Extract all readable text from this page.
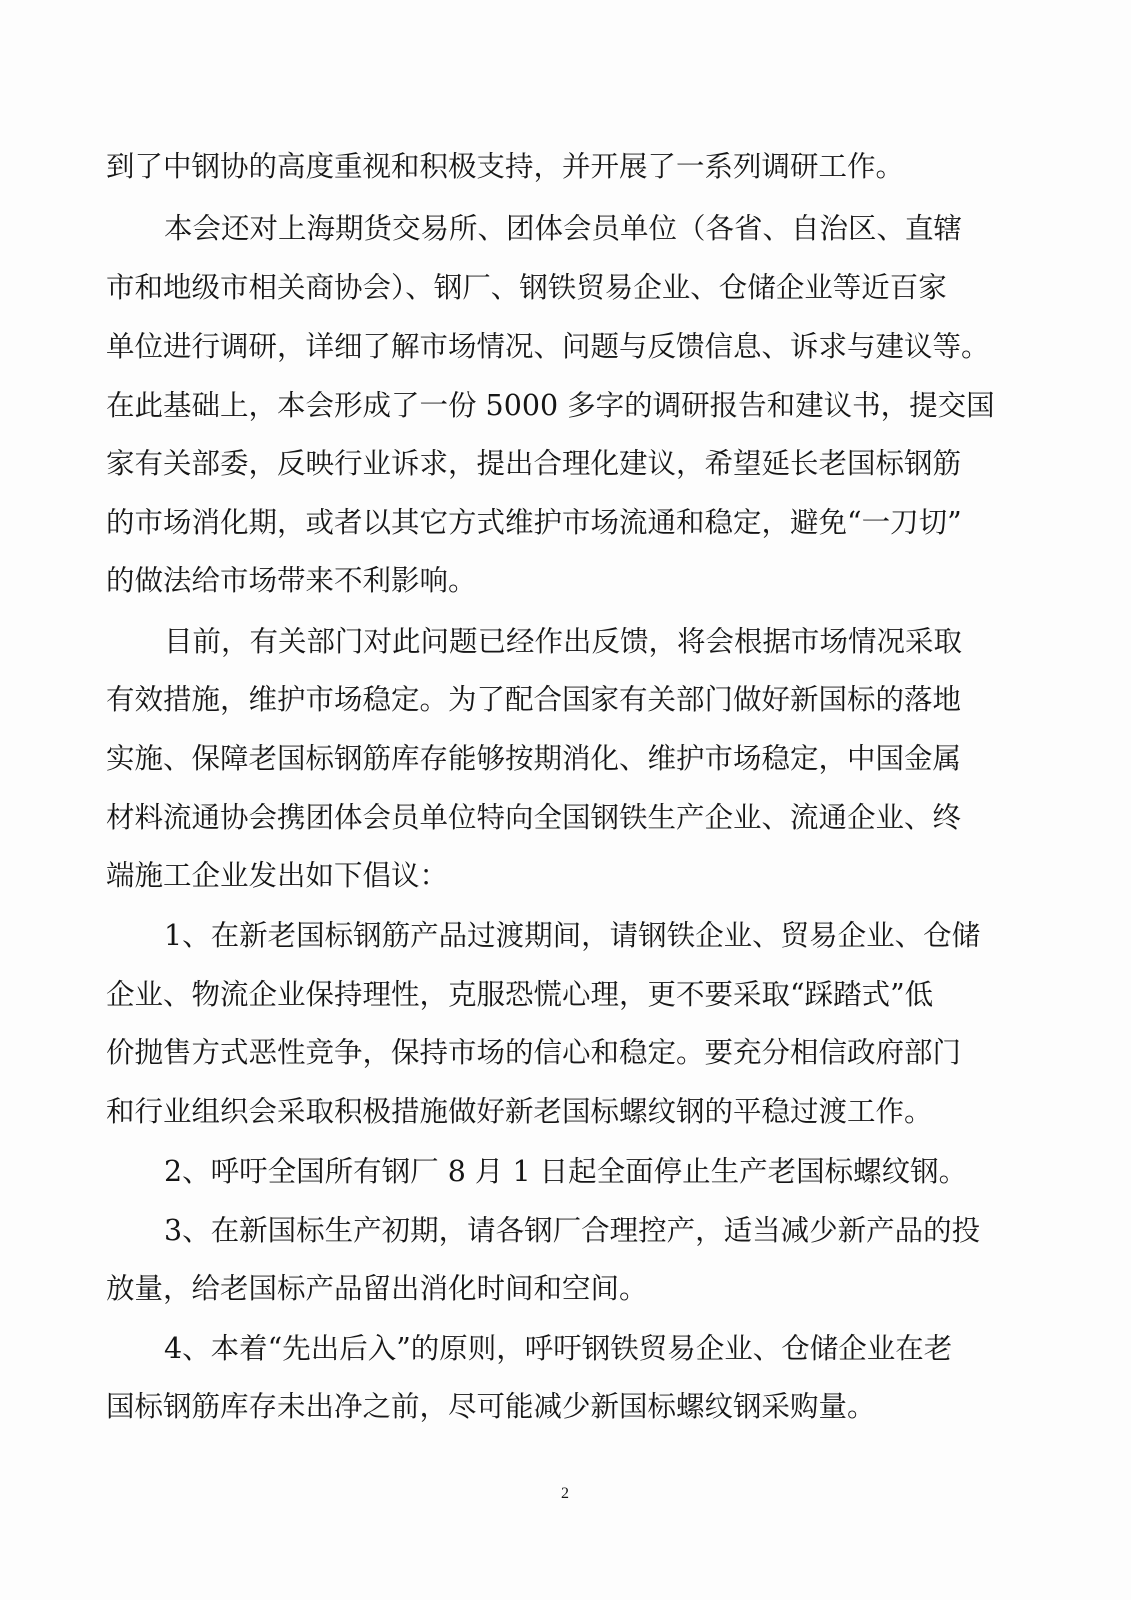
到了中钢协的高度重视和积极支持，并开展了一系列调研工作。
本会还对上海期货交易所、团体会员单位（各省、自治区、直辖
市和地级市相关商协会）、钢厂、钢铁贸易企业、仓储企业等近百家
单位进行调研，详细了解市场情况、问题与反馈信息、诉求与建议等。
在此基础上，本会形成了一份 5000 多字的调研报告和建议书，提交国
家有关部委，反映行业诉求，提出合理化建议，希望延长老国标钢筋
的市场消化期，或者以其它方式维护市场流通和稳定，避免“一刀切”
的做法给市场带来不利影响。
目前，有关部门对此问题已经作出反馈，将会根据市场情况采取
有效措施，维护市场稳定。为了配合国家有关部门做好新国标的落地
实施、保障老国标钢筋库存能够按期消化、维护市场稳定，中国金属
材料流通协会携团体会员单位特向全国钢铁生产企业、流通企业、终
端施工企业发出如下倡议：
1、在新老国标钢筋产品过渡期间，请钢铁企业、贸易企业、仓储
企业、物流企业保持理性，克服恐慌心理，更不要采取“踩踏式”低
价抛售方式恶性竞争，保持市场的信心和稳定。要充分相信政府部门
和行业组织会采取积极措施做好新老国标螺纹钢的平稳过渡工作。
2、呼吁全国所有钢厂 8 月 1 日起全面停止生产老国标螺纹钢。
3、在新国标生产初期，请各钢厂合理控产，适当减少新产品的投
放量，给老国标产品留出消化时间和空间。
4、本着“先出后入”的原则，呼吁钢铁贸易企业、仓储企业在老
国标钢筋库存未出净之前，尽可能减少新国标螺纹钢采购量。
2
